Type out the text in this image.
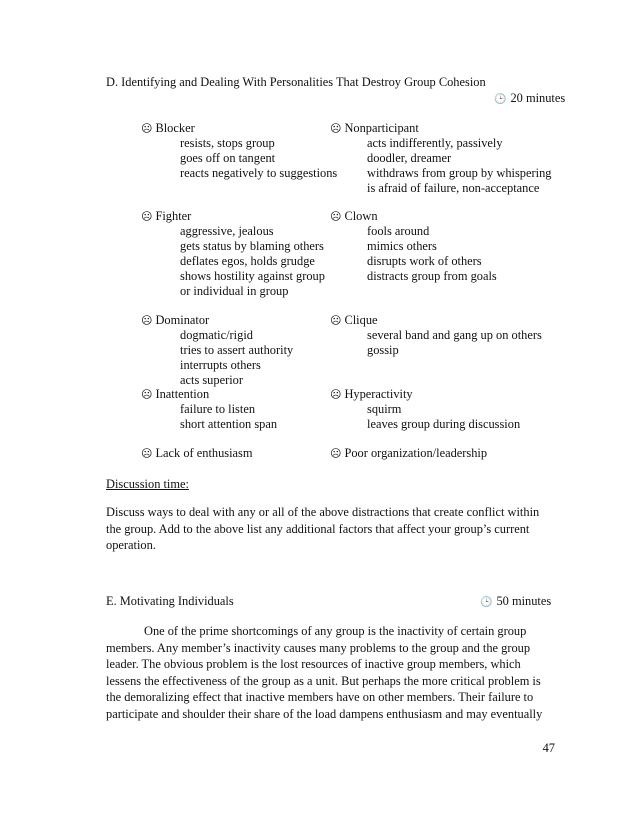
D. Identifying and Dealing With Personalities That Destroy Group Cohesion
🕒 20 minutes
☹ Blocker
resists, stops group
goes off on tangent
reacts negatively to suggestions
☹ Fighter
aggressive, jealous
gets status by blaming others
deflates egos, holds grudge
shows hostility against group
or individual in group
☹ Dominator
dogmatic/rigid
tries to assert authority
interrupts others
acts superior
☹ Inattention
failure to listen
short attention span
☹ Lack of enthusiasm
☹ Nonparticipant
acts indifferently, passively
doodler, dreamer
withdraws from group by whispering
is afraid of failure, non-acceptance
☹ Clown
fools around
mimics others
disrupts work of others
distracts group from goals
☹ Clique
several band and gang up on others
gossip
☹ Hyperactivity
squirm
leaves group during discussion
☹ Poor organization/leadership
Discussion time:
Discuss ways to deal with any or all of the above distractions that create conflict within the group. Add to the above list any additional factors that affect your group’s current operation.
E. Motivating Individuals	🕒 50 minutes
One of the prime shortcomings of any group is the inactivity of certain group members. Any member’s inactivity causes many problems to the group and the group leader. The obvious problem is the lost resources of inactive group members, which lessens the effectiveness of the group as a unit. But perhaps the more critical problem is the demoralizing effect that inactive members have on other members. Their failure to participate and shoulder their share of the load dampens enthusiasm and may eventually
47
